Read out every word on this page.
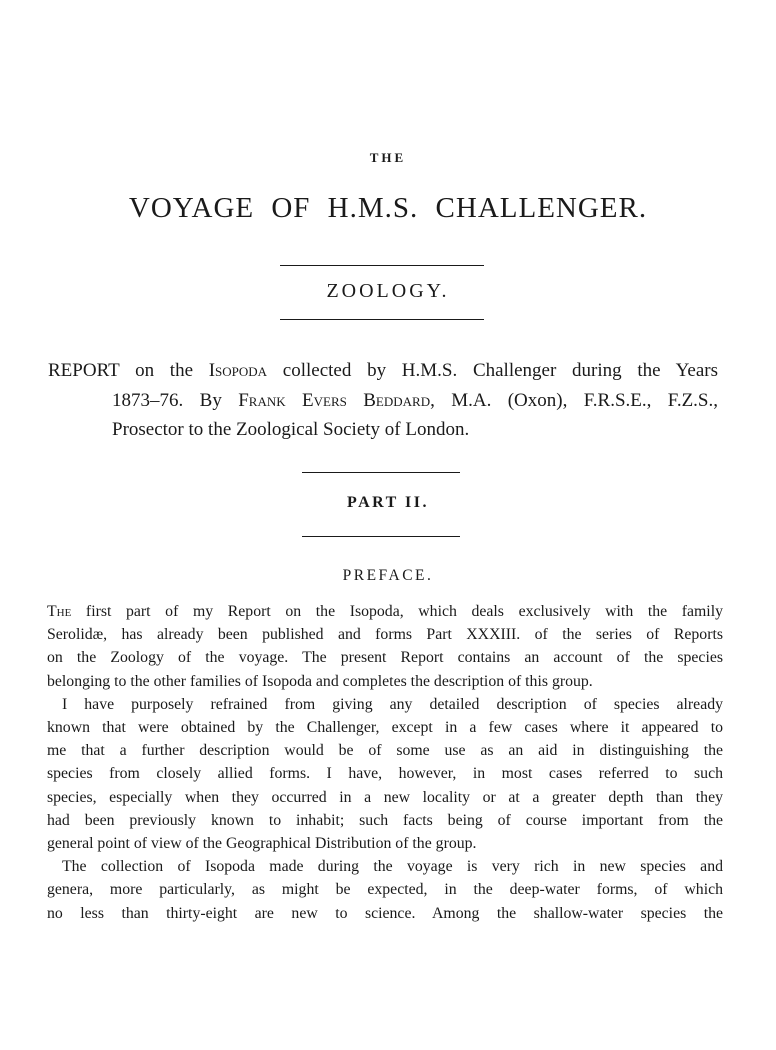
THE
VOYAGE OF H.M.S. CHALLENGER.
ZOOLOGY.
REPORT on the Isopoda collected by H.M.S. Challenger during the Years
1873–76. By Frank Evers Beddard, M.A. (Oxon), F.R.S.E., F.Z.S.,
Prosector to the Zoological Society of London.
PART II.
PREFACE.
The first part of my Report on the Isopoda, which deals exclusively with the family
Serolidæ, has already been published and forms Part XXXIII. of the series of Reports
on the Zoology of the voyage. The present Report contains an account of the species
belonging to the other families of Isopoda and completes the description of this group.
I have purposely refrained from giving any detailed description of species already
known that were obtained by the Challenger, except in a few cases where it appeared to
me that a further description would be of some use as an aid in distinguishing the
species from closely allied forms. I have, however, in most cases referred to such
species, especially when they occurred in a new locality or at a greater depth than they
had been previously known to inhabit; such facts being of course important from the
general point of view of the Geographical Distribution of the group.
The collection of Isopoda made during the voyage is very rich in new species and
genera, more particularly, as might be expected, in the deep-water forms, of which
no less than thirty-eight are new to science. Among the shallow-water species the
